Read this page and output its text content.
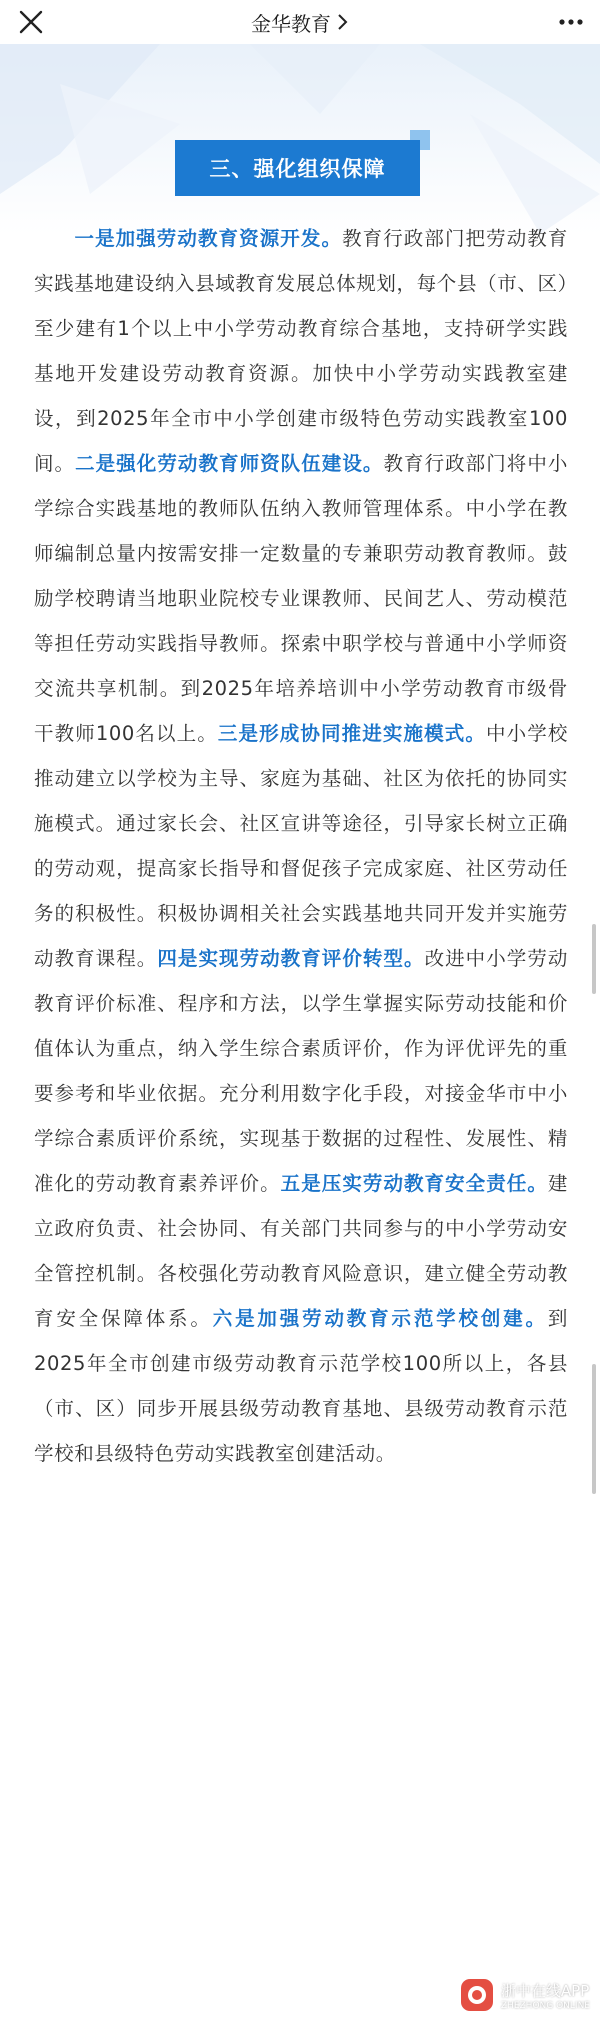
金华教育
三、强化组织保障
一是加强劳动教育资源开发。教育行政部门把劳动教育实践基地建设纳入县域教育发展总体规划，每个县（市、区）至少建有1个以上中小学劳动教育综合基地，支持研学实践基地开发建设劳动教育资源。加快中小学劳动实践教室建设，到2025年全市中小学创建市级特色劳动实践教室100间。二是强化劳动教育师资队伍建设。教育行政部门将中小学综合实践基地的教师队伍纳入教师管理体系。中小学在教师编制总量内按需安排一定数量的专兼职劳动教育教师。鼓励学校聘请当地职业院校专业课教师、民间艺人、劳动模范等担任劳动实践指导教师。探索中职学校与普通中小学师资交流共享机制。到2025年培养培训中小学劳动教育市级骨干教师100名以上。三是形成协同推进实施模式。中小学校推动建立以学校为主导、家庭为基础、社区为依托的协同实施模式。通过家长会、社区宣讲等途径，引导家长树立正确的劳动观，提高家长指导和督促孩子完成家庭、社区劳动任务的积极性。积极协调相关社会实践基地共同开发并实施劳动教育课程。四是实现劳动教育评价转型。改进中小学劳动教育评价标准、程序和方法，以学生掌握实际劳动技能和价值体认为重点，纳入学生综合素质评价，作为评优评先的重要参考和毕业依据。充分利用数字化手段，对接金华市中小学综合素质评价系统，实现基于数据的过程性、发展性、精准化的劳动教育素养评价。五是压实劳动教育安全责任。建立政府负责、社会协同、有关部门共同参与的中小学劳动安全管控机制。各校强化劳动教育风险意识，建立健全劳动教育安全保障体系。六是加强劳动教育示范学校创建。到2025年全市创建市级劳动教育示范学校100所以上，各县（市、区）同步开展县级劳动教育基地、县级劳动教育示范学校和县级特色劳动实践教室创建活动。
浙中在线APP
ZHEZHONG ONLINE
